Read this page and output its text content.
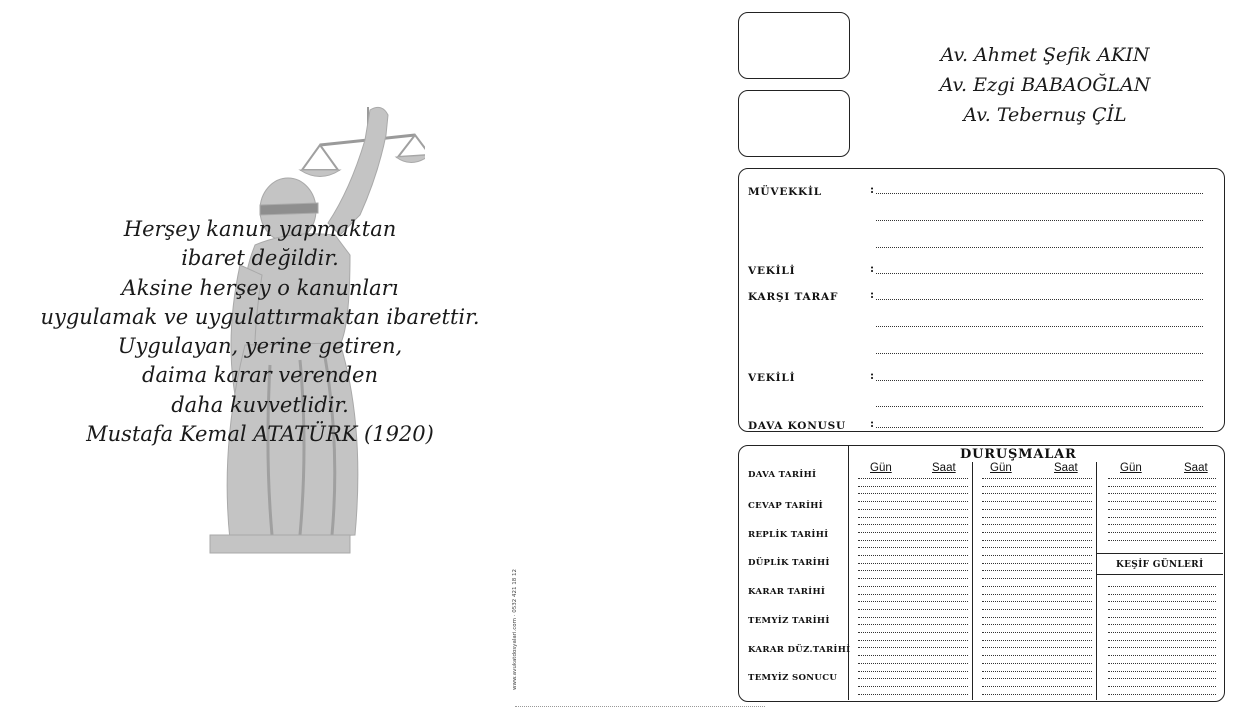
Herşey kanun yapmaktan
ibaret değildir.
Aksine herşey o kanunları
uygulamak ve uygulattırmaktan ibarettir.
Uygulayan, yerine getiren,
daima karar verenden
daha kuvvetlidir.
Mustafa Kemal ATATÜRK (1920)
www.avukatdosyalari.com · 0532 421 18 12
Av. Ahmet Şefik AKIN
Av. Ezgi BABAOĞLAN
Av. Tebernuş ÇİL
MÜVEKKİL	:
VEKİLİ	:
KARŞI TARAF	:
VEKİLİ	:
DAVA KONUSU :
DURUŞMALAR
Gün	Saat	Gün	Saat	Gün	Saat
DAVA TARİHİ
CEVAP TARİHİ
REPLİK TARİHİ
DÜPLİK TARİHİ
KARAR TARİHİ
TEMYİZ TARİHİ
KARAR DÜZ.TARİHİ
TEMYİZ SONUCU
KEŞİF GÜNLERİ
